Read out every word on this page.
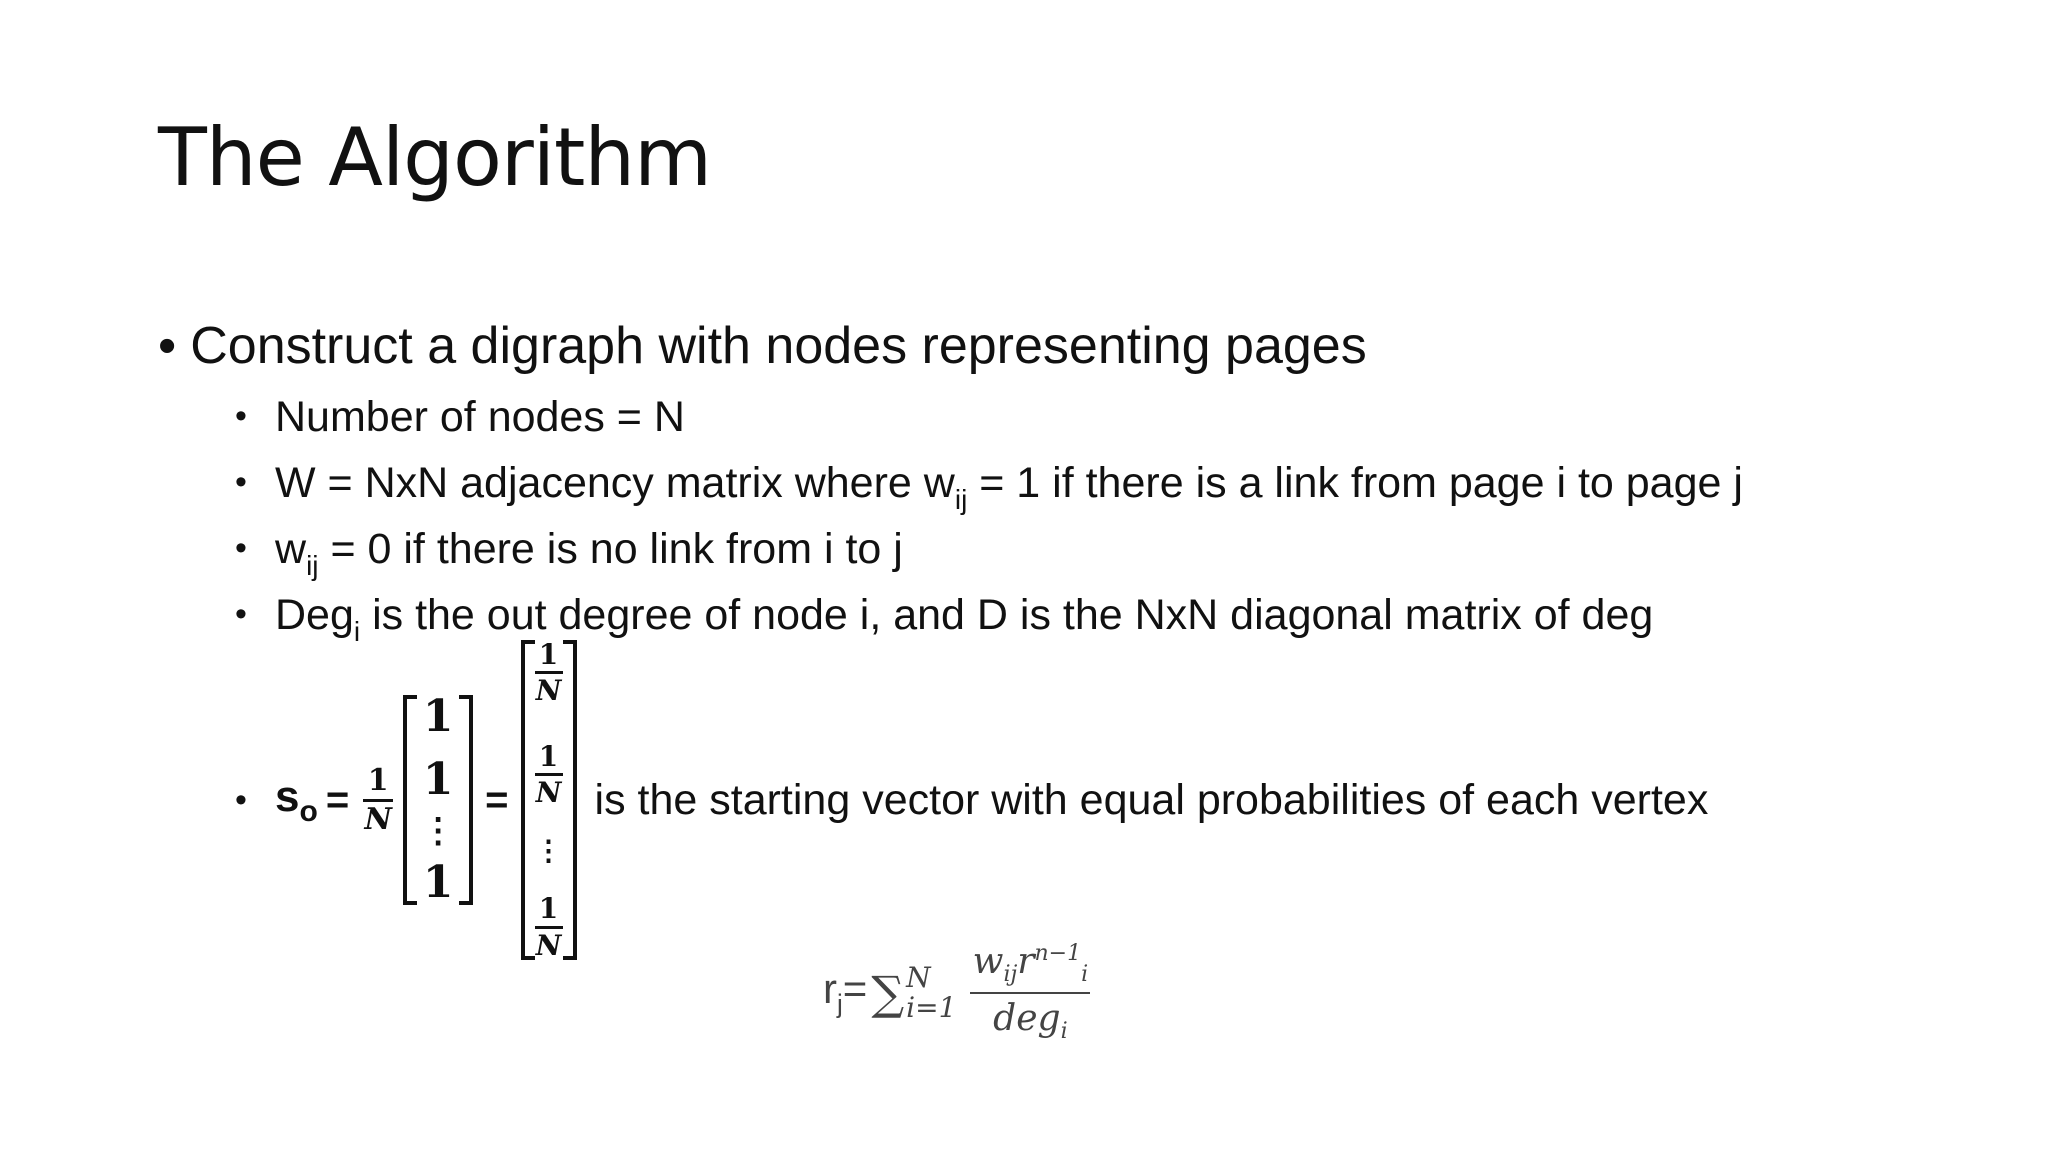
The Algorithm
• Construct a digraph with nodes representing pages
• Number of nodes = N
• W = NxN adjacency matrix where $w_{ij} = 1$ if there is a link from page i to page j
• $w_{ij} = 0$ if there is no link from i to j
• Deg$_i$ is the out degree of node i, and D is the NxN diagonal matrix of deg
• $s_o = \frac{1}{N}$
1
1
⋮
1
=
$\frac{1}{N}$
$\frac{1}{N}$
⋮
$\frac{1}{N}$
is the starting vector with equal probabilities of each vertex
$r_j=$ ∑ N
i=1
$w_{ij}r^{n-1}_i$
deg$_i$
